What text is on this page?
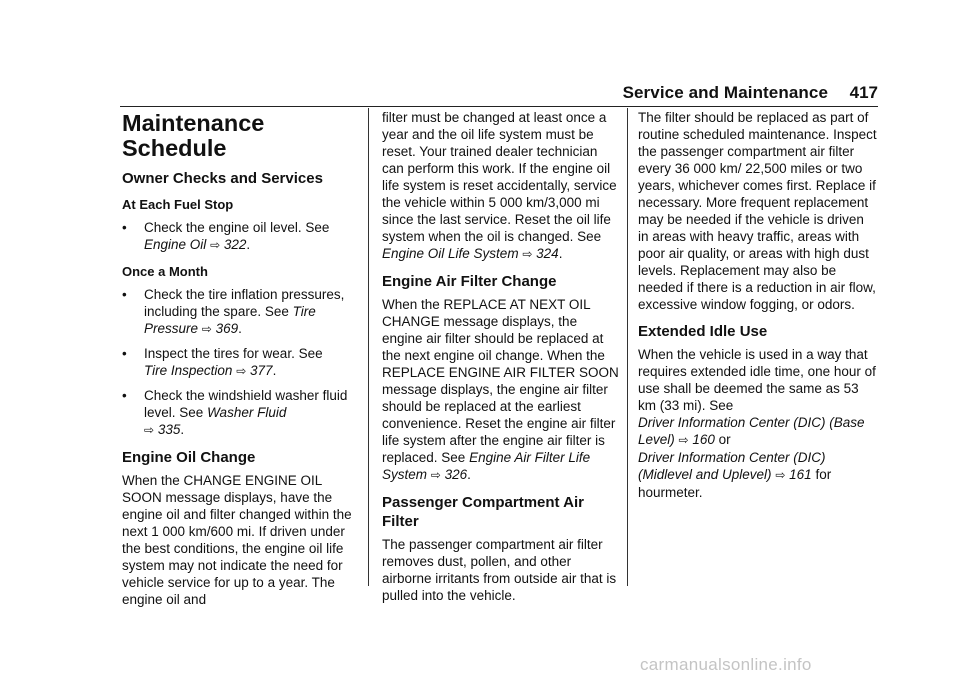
Service and Maintenance	417

Maintenance Schedule

Owner Checks and Services

At Each Fuel Stop

• Check the engine oil level. See
Engine Oil ⇨ 322.

Once a Month

• Check the tire inflation pressures, including the spare. See Tire Pressure ⇨ 369.

• Inspect the tires for wear. See
Tire Inspection ⇨ 377.

• Check the windshield washer fluid level. See Washer Fluid
⇨ 335.

Engine Oil Change

When the CHANGE ENGINE OIL SOON message displays, have the engine oil and filter changed within the next 1 000 km/600 mi. If driven under the best conditions, the engine oil life system may not indicate the need for vehicle service for up to a year. The engine oil and

filter must be changed at least once a year and the oil life system must be reset. Your trained dealer technician can perform this work. If the engine oil life system is reset accidentally, service the vehicle within 5 000 km/3,000 mi since the last service. Reset the oil life system when the oil is changed. See Engine Oil Life System ⇨ 324.

Engine Air Filter Change

When the REPLACE AT NEXT OIL CHANGE message displays, the engine air filter should be replaced at the next engine oil change. When the REPLACE ENGINE AIR FILTER SOON message displays, the engine air filter should be replaced at the earliest convenience. Reset the engine air filter life system after the engine air filter is replaced. See Engine Air Filter Life System ⇨ 326.

Passenger Compartment Air Filter

The passenger compartment air filter removes dust, pollen, and other airborne irritants from outside air that is pulled into the vehicle.

The filter should be replaced as part of routine scheduled maintenance. Inspect the passenger compartment air filter every 36 000 km/ 22,500 miles or two years, whichever comes first. Replace if necessary. More frequent replacement may be needed if the vehicle is driven in areas with heavy traffic, areas with poor air quality, or areas with high dust levels. Replacement may also be needed if there is a reduction in air flow, excessive window fogging, or odors.

Extended Idle Use

When the vehicle is used in a way that requires extended idle time, one hour of use shall be deemed the same as 53 km (33 mi). See
Driver Information Center (DIC) (Base Level) ⇨ 160 or
Driver Information Center (DIC) (Midlevel and Uplevel) ⇨ 161 for hourmeter.

carmanualsonline.info
